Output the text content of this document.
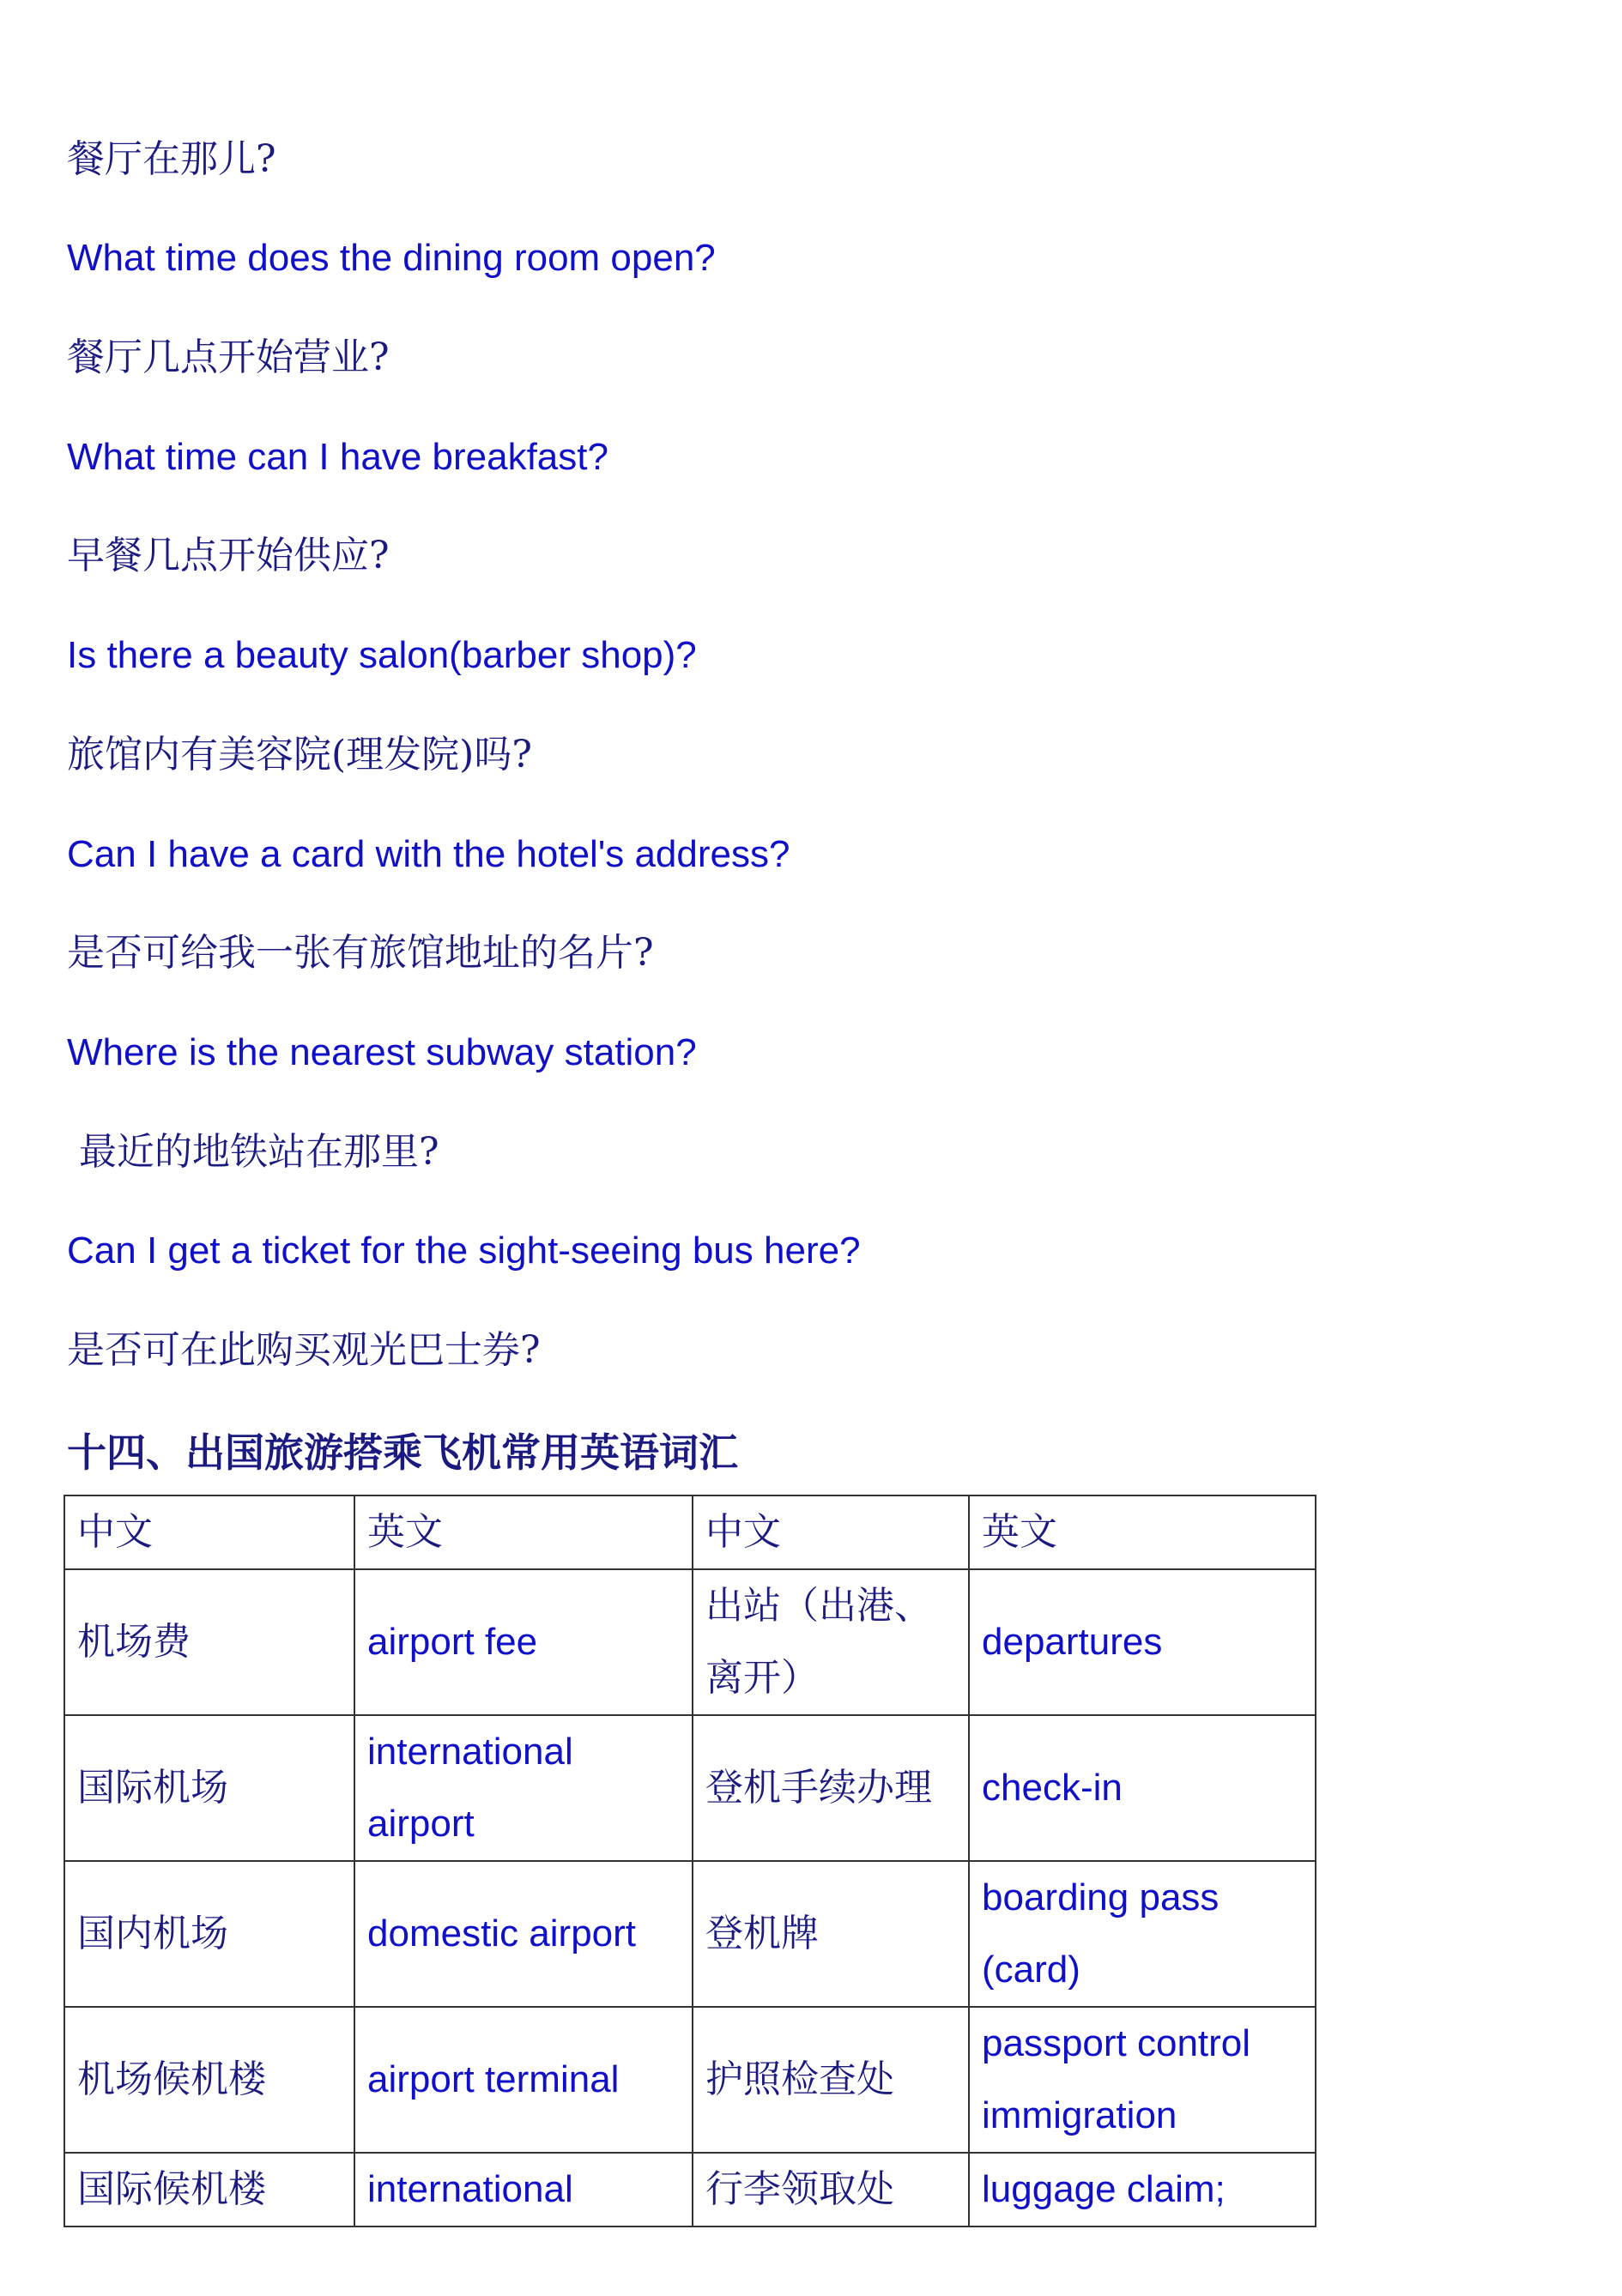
餐厅在那儿?

What time does the dining room open?

餐厅几点开始营业?

What time can I have breakfast?

早餐几点开始供应?

Is there a beauty salon(barber shop)?

旅馆内有美容院(理发院)吗?

Can I have a card with the hotel's address?

是否可给我一张有旅馆地址的名片?

Where is the nearest subway station?

最近的地铁站在那里?

Can I get a ticket for the sight-seeing bus here?

是否可在此购买观光巴士券?

十四、出国旅游搭乘飞机常用英语词汇
中文	英文	中文	英文
机场费	airport fee	出站（出港、离开）	departures
国际机场	international airport	登机手续办理	check-in
国内机场	domestic airport	登机牌	boarding pass (card)
机场候机楼	airport terminal	护照检查处	passport control immigration
国际候机楼	international	行李领取处	luggage claim;
